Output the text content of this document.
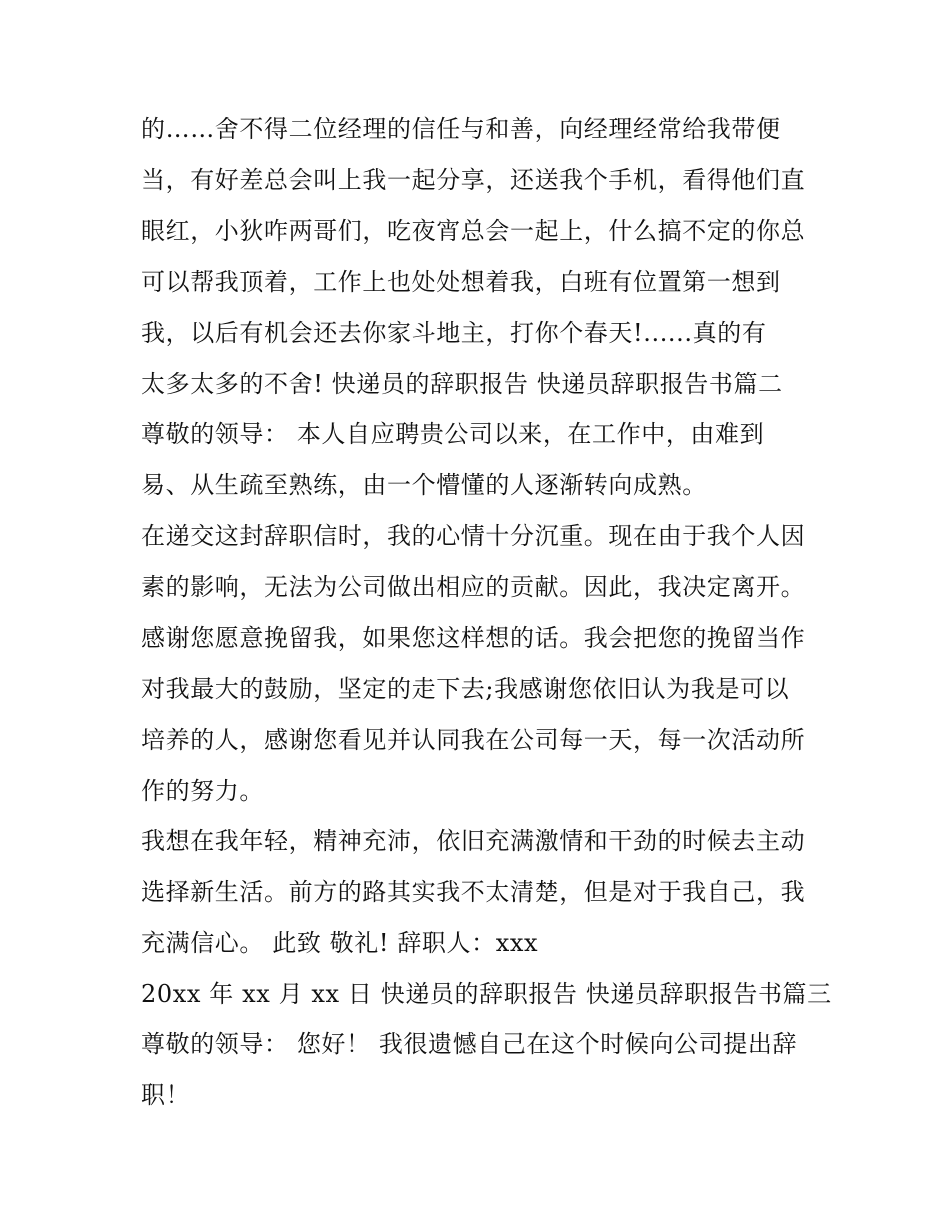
的……舍不得二位经理的信任与和善，向经理经常给我带便
当，有好差总会叫上我一起分享，还送我个手机，看得他们直
眼红，小狄咋两哥们，吃夜宵总会一起上，什么搞不定的你总
可以帮我顶着，工作上也处处想着我，白班有位置第一想到
我，以后有机会还去你家斗地主，打你个春天!......真的有
太多太多的不舍! 快递员的辞职报告 快递员辞职报告书篇二
尊敬的领导： 本人自应聘贵公司以来，在工作中，由难到
易、从生疏至熟练，由一个懵懂的人逐渐转向成熟。
在递交这封辞职信时，我的心情十分沉重。现在由于我个人因
素的影响，无法为公司做出相应的贡献。因此，我决定离开。
感谢您愿意挽留我，如果您这样想的话。我会把您的挽留当作
对我最大的鼓励，坚定的走下去;我感谢您依旧认为我是可以
培养的人，感谢您看见并认同我在公司每一天，每一次活动所
作的努力。
我想在我年轻，精神充沛，依旧充满激情和干劲的时候去主动
选择新生活。前方的路其实我不太清楚，但是对于我自己，我
充满信心。 此致 敬礼! 辞职人：xxx
20xx 年 xx 月 xx 日 快递员的辞职报告 快递员辞职报告书篇三
尊敬的领导： 您好！ 我很遗憾自己在这个时候向公司提出辞
职！
